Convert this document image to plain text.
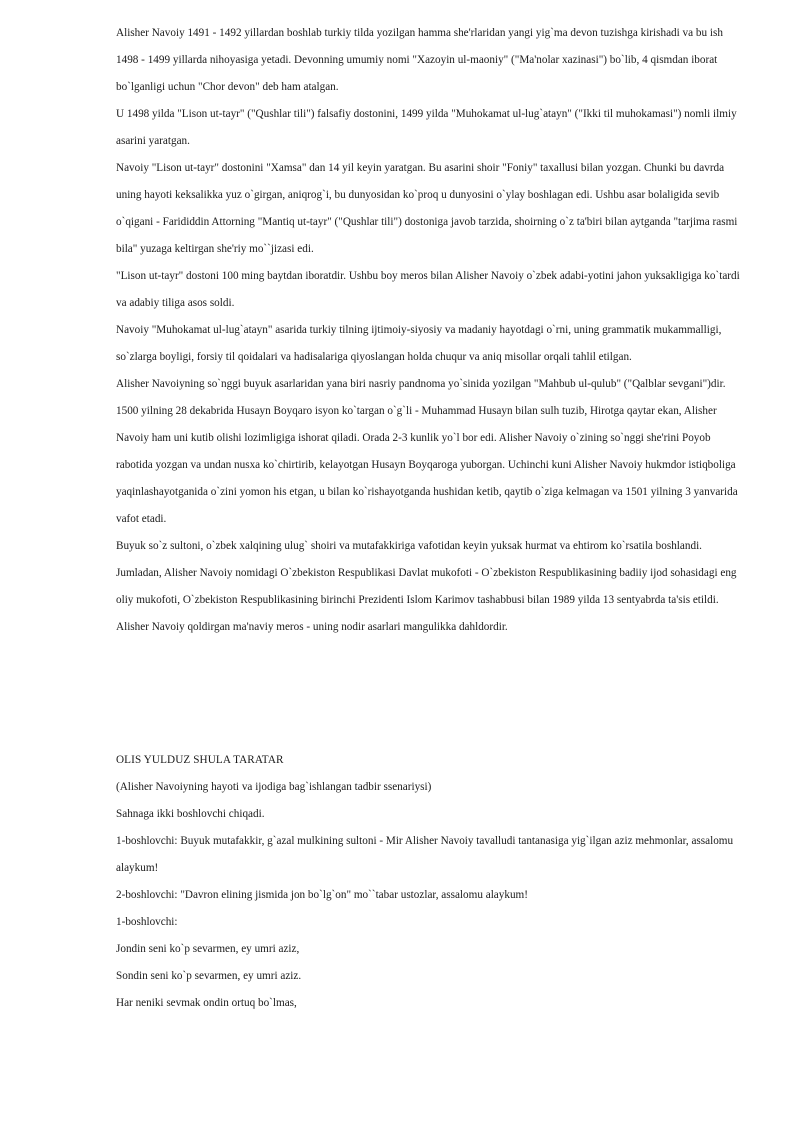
Alisher Navoiy 1491 - 1492 yillardan boshlab turkiy tilda yozilgan hamma she'rlaridan yangi yig`ma devon tuzishga kirishadi va bu ish 1498 - 1499 yillarda nihoyasiga yetadi. Devonning umumiy nomi "Xazoyin ul-maoniy" ("Ma'nolar xazinasi") bo`lib, 4 qismdan iborat bo`lganligi uchun "Chor devon" deb ham atalgan.

U 1498 yilda "Lison ut-tayr" ("Qushlar tili") falsafiy dostonini, 1499 yilda "Muhokamat ul-lug`atayn" ("Ikki til muhokamasi") nomli ilmiy asarini yaratgan.

Navoiy "Lison ut-tayr" dostonini "Xamsa" dan 14 yil keyin yaratgan. Bu asarini shoir "Foniy" taxallusi bilan yozgan. Chunki bu davrda uning hayoti keksalikka yuz o`girgan, aniqrog`i, bu dunyosidan ko`proq u dunyosini o`ylay boshlagan edi. Ushbu asar bolaligida sevib o`qigani - Farididdin Attorning "Mantiq ut-tayr" ("Qushlar tili") dostoniga javob tarzida, shoirning o`z ta'biri bilan aytganda "tarjima rasmi bila" yuzaga keltirgan she'riy mo``jizasi edi.

"Lison ut-tayr" dostoni 100 ming baytdan iboratdir. Ushbu boy meros bilan Alisher Navoiy o`zbek adabi-yotini jahon yuksakligiga ko`tardi va adabiy tiliga asos soldi.

Navoiy "Muhokamat ul-lug`atayn" asarida turkiy tilning ijtimoiy-siyosiy va madaniy hayotdagi o`rni, uning grammatik mukammalligi, so`zlarga boyligi, forsiy til qoidalari va hadisalariga qiyoslangan holda chuqur va aniq misollar orqali tahlil etilgan.

Alisher Navoiyning so`nggi buyuk asarlaridan yana biri nasriy pandnoma yo`sinida yozilgan "Mahbub ul-qulub" ("Qalblar sevgani")dir.

1500 yilning 28 dekabrida Husayn Boyqaro isyon ko`targan o`g`li - Muhammad Husayn bilan sulh tuzib, Hirotga qaytar ekan, Alisher Navoiy ham uni kutib olishi lozimligiga ishorat qiladi. Orada 2-3 kunlik yo`l bor edi. Alisher Navoiy o`zining so`nggi she'rini Poyob rabotida yozgan va undan nusxa ko`chirtirib, kelayotgan Husayn Boyqaroga yuborgan. Uchinchi kuni Alisher Navoiy hukmdor istiqboliga yaqinlashayotganida o`zini yomon his etgan, u bilan ko`rishayotganda hushidan ketib, qaytib o`ziga kelmagan va 1501 yilning 3 yanvarida vafot etadi.

Buyuk so`z sultoni, o`zbek xalqining ulug` shoiri va mutafakkiriga vafotidan keyin yuksak hurmat va ehtirom ko`rsatila boshlandi. Jumladan, Alisher Navoiy nomidagi O`zbekiston Respublikasi Davlat mukofoti - O`zbekiston Respublikasining badiiy ijod sohasidagi eng oliy mukofoti, O`zbekiston Respublikasining birinchi Prezidenti Islom Karimov tashabbusi bilan 1989 yilda 13 sentyabrda ta'sis etildi.

Alisher Navoiy qoldirgan ma'naviy meros - uning nodir asarlari mangulikka dahldordir.

OLIS YULDUZ SHULA TARATAR

(Alisher Navoiyning hayoti va ijodiga bag`ishlangan tadbir ssenariysi)

Sahnaga ikki boshlovchi chiqadi.

1-boshlovchi: Buyuk mutafakkir, g`azal mulkining sultoni - Mir Alisher Navoiy tavalludi tantanasiga yig`ilgan aziz mehmonlar, assalomu alaykum!

2-boshlovchi: "Davron elining jismida jon bo`lg`on" mo``tabar ustozlar, assalomu alaykum!

1-boshlovchi:

Jondin seni ko`p sevarmen, ey umri aziz,

Sondin seni ko`p sevarmen, ey umri aziz.

Har neniki sevmak ondin ortuq bo`lmas,
